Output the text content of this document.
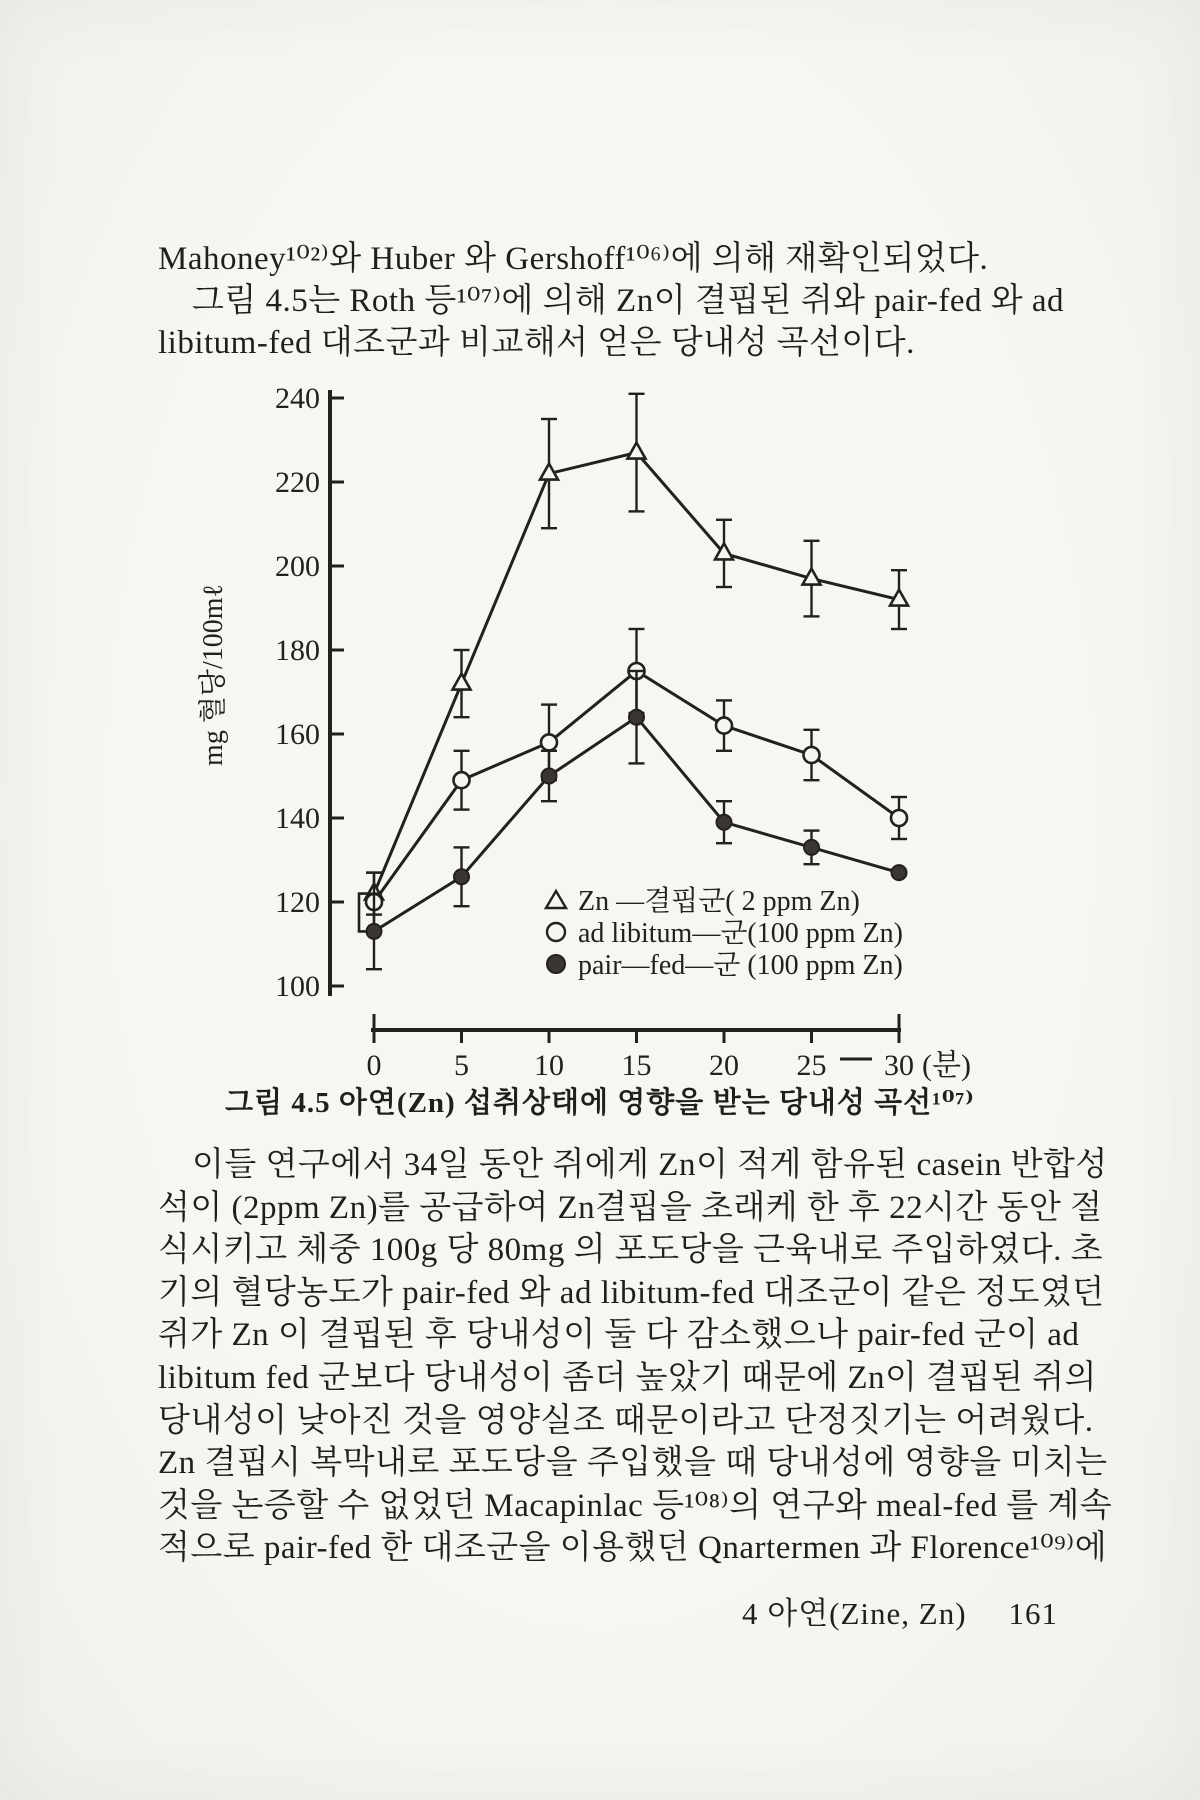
Mahoney¹⁰²⁾와 Huber 와 Gershoff¹⁰⁶⁾에 의해 재확인되었다.
그림 4.5는 Roth 등¹⁰⁷⁾에 의해 Zn이 결핍된 쥐와 pair-fed 와 ad
libitum-fed 대조군과 비교해서 얻은 당내성 곡선이다.
240
220
200
180
160
140
120
100
mg 혈당/100mℓ
0 5 10 15 20 25 30 (분)
Zn —결핍군( 2 ppm Zn)
ad libitum—군(100 ppm Zn)
pair—fed—군 (100 ppm Zn)
그림 4.5 아연(Zn) 섭취상태에 영향을 받는 당내성 곡선¹⁰⁷⁾
이들 연구에서 34일 동안 쥐에게 Zn이 적게 함유된 casein 반합성
석이 (2ppm Zn)를 공급하여 Zn결핍을 초래케 한 후 22시간 동안 절
식시키고 체중 100g 당 80mg 의 포도당을 근육내로 주입하였다. 초
기의 혈당농도가 pair-fed 와 ad libitum-fed 대조군이 같은 정도였던
쥐가 Zn 이 결핍된 후 당내성이 둘 다 감소했으나 pair-fed 군이 ad
libitum fed 군보다 당내성이 좀더 높았기 때문에 Zn이 결핍된 쥐의
당내성이 낮아진 것을 영양실조 때문이라고 단정짓기는 어려웠다.
Zn 결핍시 복막내로 포도당을 주입했을 때 당내성에 영향을 미치는
것을 논증할 수 없었던 Macapinlac 등¹⁰⁸⁾의 연구와 meal-fed 를 계속
적으로 pair-fed 한 대조군을 이용했던 Qnartermen 과 Florence¹⁰⁹⁾에
4 아연(Zine, Zn) 161
